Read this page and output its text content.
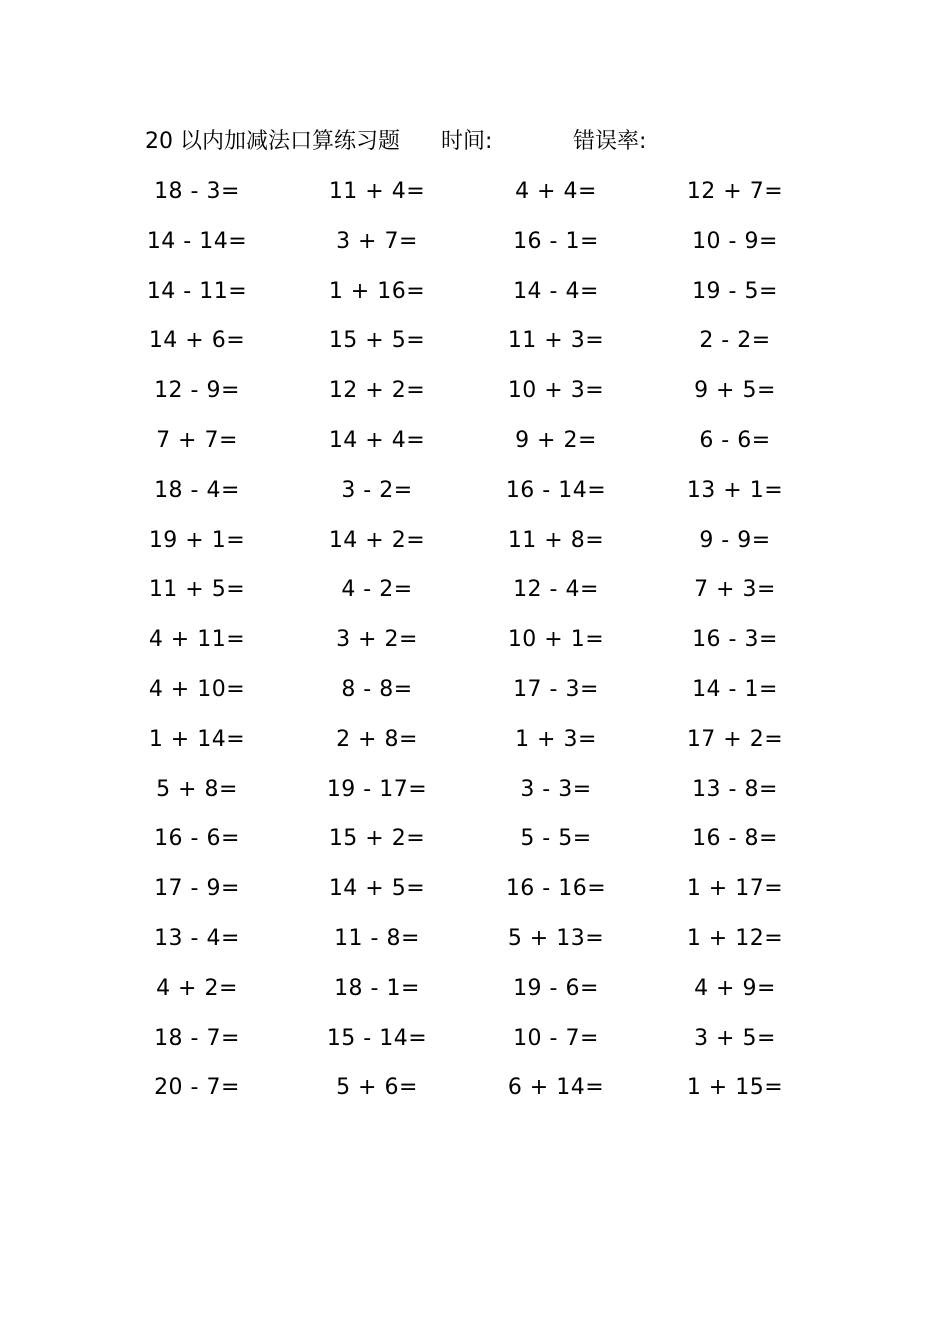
20 以内加减法口算练习题 时间:	错误率:
18 - 3=	11 + 4=	4 + 4=	12 + 7=
14 - 14=	3 + 7=	16 - 1=	10 - 9=
14 - 11=	1 + 16=	14 - 4=	19 - 5=
14 + 6=	15 + 5=	11 + 3=	2 - 2=
12 - 9=	12 + 2=	10 + 3=	9 + 5=
7 + 7=	14 + 4=	9 + 2=	6 - 6=
18 - 4=	3 - 2=	16 - 14=	13 + 1=
19 + 1=	14 + 2=	11 + 8=	9 - 9=
11 + 5=	4 - 2=	12 - 4=	7 + 3=
4 + 11=	3 + 2=	10 + 1=	16 - 3=
4 + 10=	8 - 8=	17 - 3=	14 - 1=
1 + 14=	2 + 8=	1 + 3=	17 + 2=
5 + 8=	19 - 17=	3 - 3=	13 - 8=
16 - 6=	15 + 2=	5 - 5=	16 - 8=
17 - 9=	14 + 5=	16 - 16=	1 + 17=
13 - 4=	11 - 8=	5 + 13=	1 + 12=
4 + 2=	18 - 1=	19 - 6=	4 + 9=
18 - 7=	15 - 14=	10 - 7=	3 + 5=
20 - 7=	5 + 6=	6 + 14=	1 + 15=
